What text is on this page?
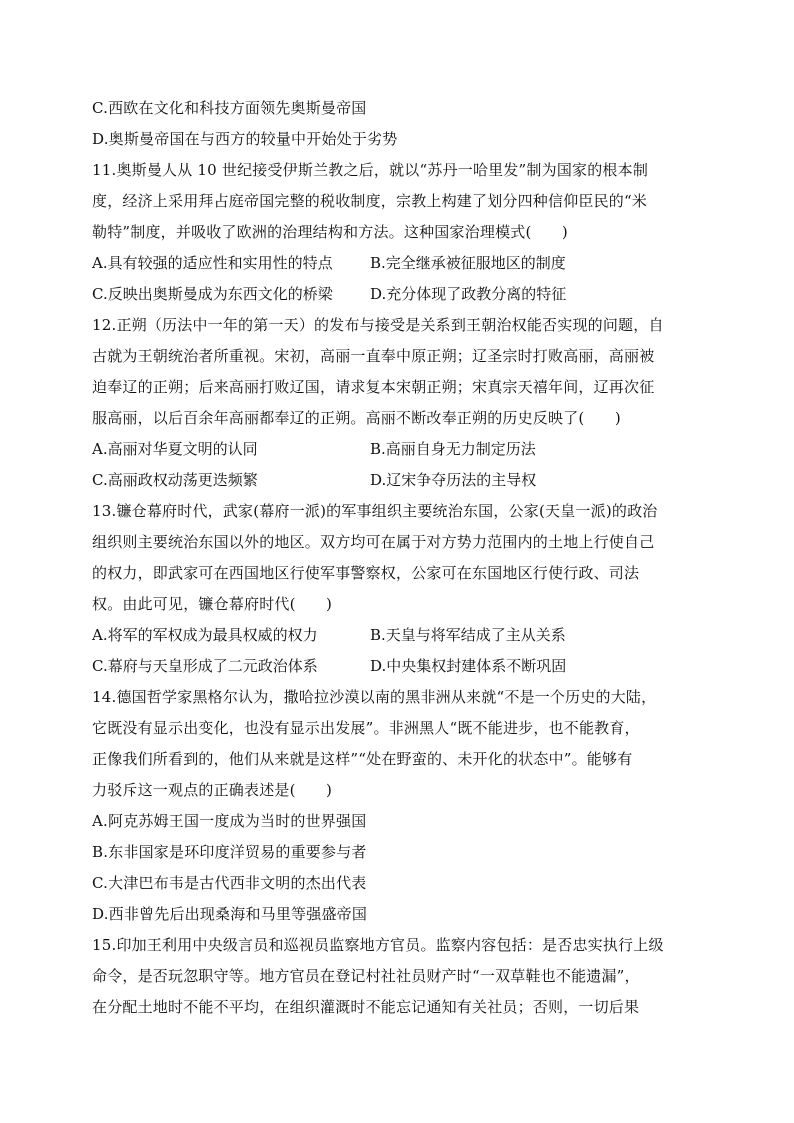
C.西欧在文化和科技方面领先奥斯曼帝国
D.奥斯曼帝国在与西方的较量中开始处于劣势
11.奥斯曼人从 10 世纪接受伊斯兰教之后，就以“苏丹一哈里发”制为国家的根本制
度，经济上采用拜占庭帝国完整的税收制度，宗教上构建了划分四种信仰臣民的“米
勒特”制度，并吸收了欧洲的治理结构和方法。这种国家治理模式(　　)
A.具有较强的适应性和实用性的特点	B.完全继承被征服地区的制度
C.反映出奥斯曼成为东西文化的桥梁	D.充分体现了政教分离的特征
12.正朔（历法中一年的第一天）的发布与接受是关系到王朝治权能否实现的问题，自
古就为王朝统治者所重视。宋初，高丽一直奉中原正朔；辽圣宗时打败高丽，高丽被
迫奉辽的正朔；后来高丽打败辽国，请求复本宋朝正朔；宋真宗天禧年间，辽再次征
服高丽，以后百余年高丽都奉辽的正朔。高丽不断改奉正朔的历史反映了(　　)
A.高丽对华夏文明的认同	B.高丽自身无力制定历法
C.高丽政权动荡更迭频繁	D.辽宋争夺历法的主导权
13.镰仓幕府时代，武家(幕府一派)的军事组织主要统治东国，公家(天皇一派)的政治
组织则主要统治东国以外的地区。双方均可在属于对方势力范围内的土地上行使自己
的权力，即武家可在西国地区行使军事警察权，公家可在东国地区行使行政、司法
权。由此可见，镰仓幕府时代(　　)
A.将军的军权成为最具权威的权力	B.天皇与将军结成了主从关系
C.幕府与天皇形成了二元政治体系	D.中央集权封建体系不断巩固
14.德国哲学家黑格尔认为，撒哈拉沙漠以南的黑非洲从来就“不是一个历史的大陆，
它既没有显示出变化，也没有显示出发展”。非洲黑人“既不能进步，也不能教育，
正像我们所看到的，他们从来就是这样”“处在野蛮的、未开化的状态中”。能够有
力驳斥这一观点的正确表述是(　　)
A.阿克苏姆王国一度成为当时的世界强国
B.东非国家是环印度洋贸易的重要参与者
C.大津巴布韦是古代西非文明的杰出代表
D.西非曾先后出现桑海和马里等强盛帝国
15.印加王利用中央级言员和巡视员监察地方官员。监察内容包括：是否忠实执行上级
命令，是否玩忽职守等。地方官员在登记村社社员财产时“一双草鞋也不能遗漏”，
在分配土地时不能不平均，在组织灌溉时不能忘记通知有关社员；否则，一切后果
